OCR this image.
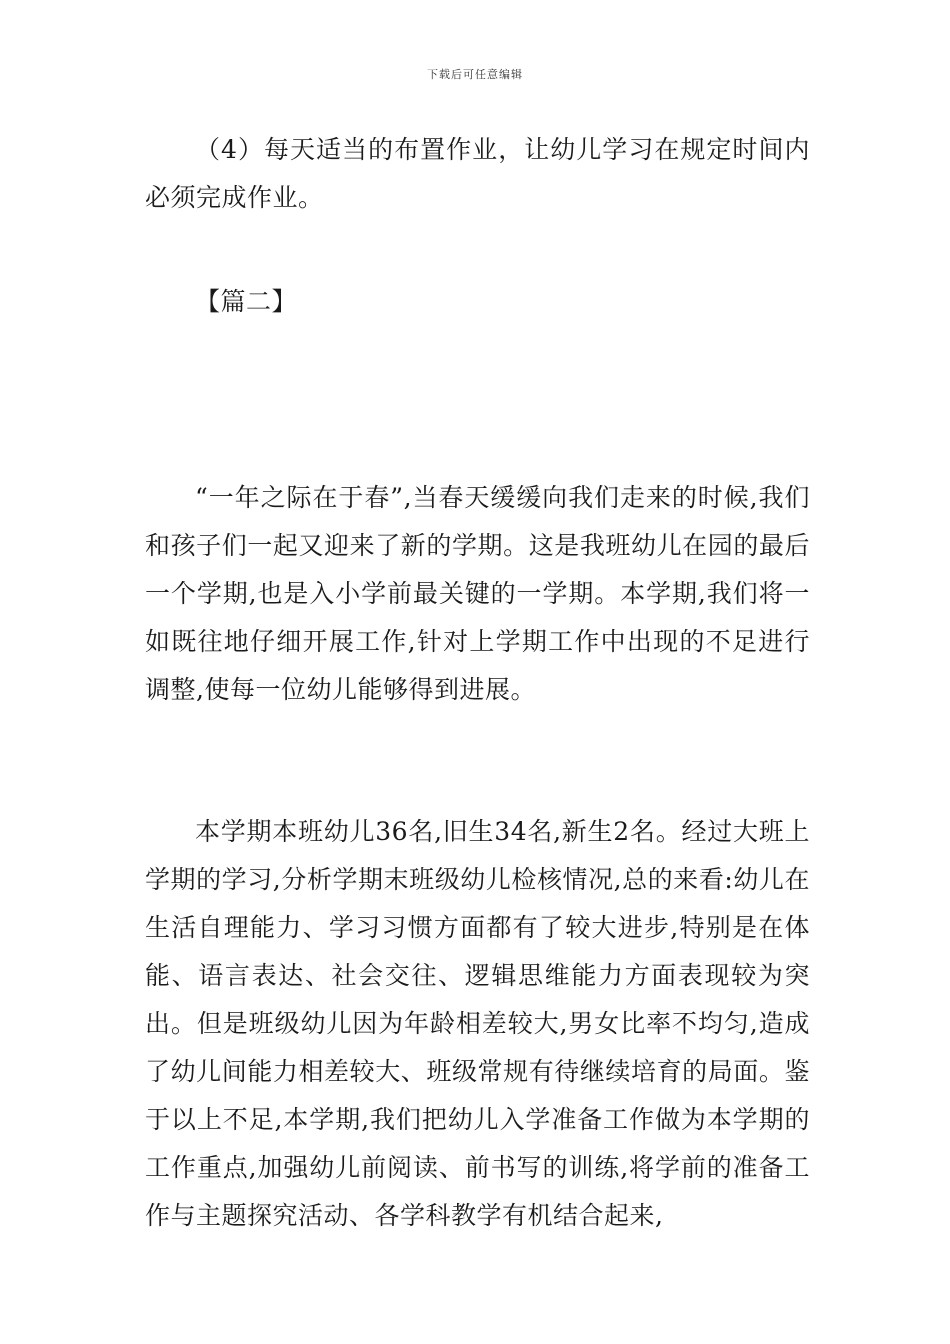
下载后可任意编辑

（4）每天适当的布置作业，让幼儿学习在规定时间内必须完成作业。

【篇二】

“一年之际在于春”,当春天缓缓向我们走来的时候,我们和孩子们一起又迎来了新的学期。这是我班幼儿在园的最后一个学期,也是入小学前最关键的一学期。本学期,我们将一如既往地仔细开展工作,针对上学期工作中出现的不足进行调整,使每一位幼儿能够得到进展。

本学期本班幼儿36名,旧生34名,新生2名。经过大班上学期的学习,分析学期末班级幼儿检核情况,总的来看:幼儿在生活自理能力、学习习惯方面都有了较大进步,特别是在体能、语言表达、社会交往、逻辑思维能力方面表现较为突出。但是班级幼儿因为年龄相差较大,男女比率不均匀,造成了幼儿间能力相差较大、班级常规有待继续培育的局面。鉴于以上不足,本学期,我们把幼儿入学准备工作做为本学期的工作重点,加强幼儿前阅读、前书写的训练,将学前的准备工作与主题探究活动、各学科教学有机结合起来,
